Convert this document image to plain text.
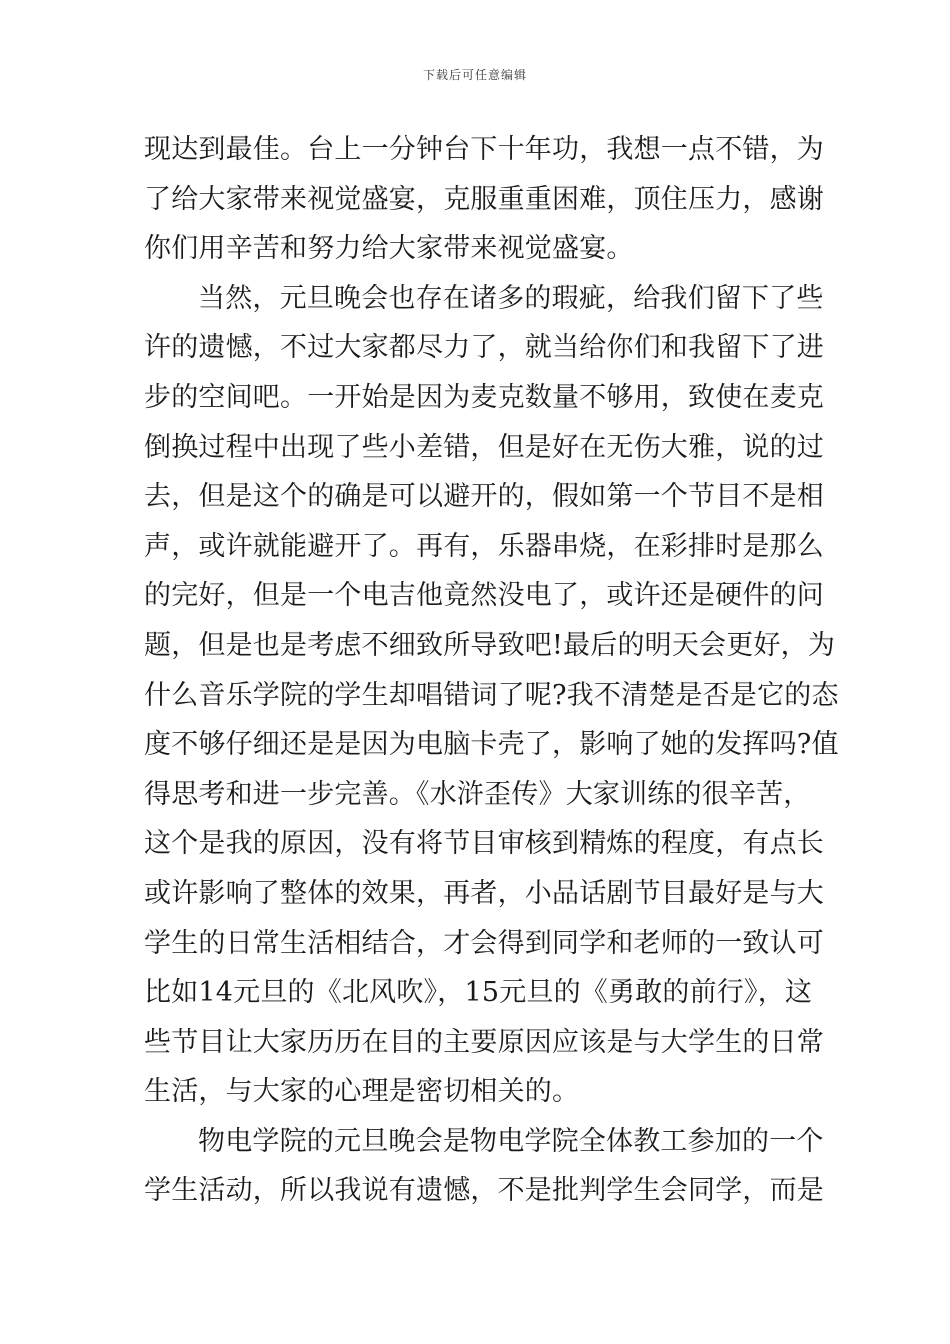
下载后可任意编辑
现达到最佳。台上一分钟台下十年功，我想一点不错，为
了给大家带来视觉盛宴，克服重重困难，顶住压力，感谢
你们用辛苦和努力给大家带来视觉盛宴。
当然，元旦晚会也存在诸多的瑕疵，给我们留下了些
许的遗憾，不过大家都尽力了，就当给你们和我留下了进
步的空间吧。一开始是因为麦克数量不够用，致使在麦克
倒换过程中出现了些小差错，但是好在无伤大雅，说的过
去，但是这个的确是可以避开的，假如第一个节目不是相
声，或许就能避开了。再有，乐器串烧，在彩排时是那么
的完好，但是一个电吉他竟然没电了，或许还是硬件的问
题，但是也是考虑不细致所导致吧!最后的明天会更好，为
什么音乐学院的学生却唱错词了呢?我不清楚是否是它的态
度不够仔细还是是因为电脑卡壳了，影响了她的发挥吗?值
得思考和进一步完善。《水浒歪传》大家训练的很辛苦，
这个是我的原因，没有将节目审核到精炼的程度，有点长
或许影响了整体的效果，再者，小品话剧节目最好是与大
学生的日常生活相结合，才会得到同学和老师的一致认可
比如14元旦的《北风吹》，15元旦的《勇敢的前行》，这
些节目让大家历历在目的主要原因应该是与大学生的日常
生活，与大家的心理是密切相关的。
物电学院的元旦晚会是物电学院全体教工参加的一个
学生活动，所以我说有遗憾，不是批判学生会同学，而是
